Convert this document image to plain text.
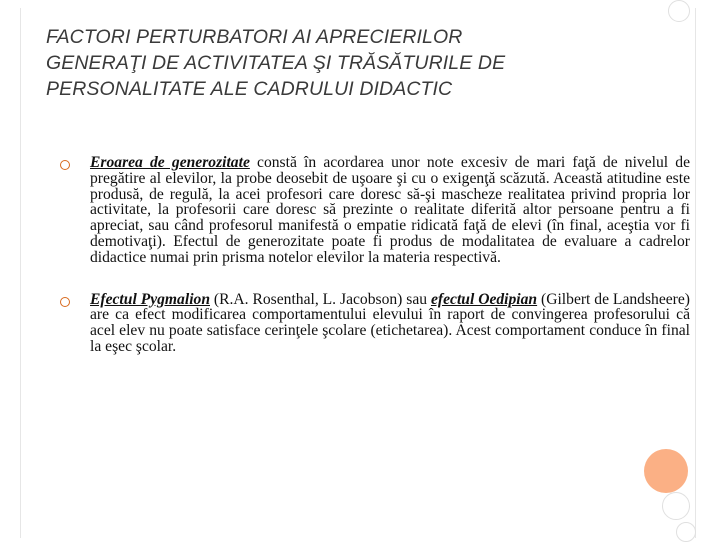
FACTORI PERTURBATORI AI APRECIERILOR
GENERAŢI DE ACTIVITATEA ŞI TRĂSĂTURILE DE
PERSONALITATE ALE CADRULUI DIDACTIC
Eroarea de generozitate constă în acordarea unor note excesiv de mari faţă de nivelul de pregătire al elevilor, la probe deosebit de uşoare şi cu o exigenţă scăzută. Această atitudine este produsă, de regulă, la acei profesori care doresc să-şi mascheze realitatea privind propria lor activitate, la profesorii care doresc să prezinte o realitate diferită altor persoane pentru a fi apreciat, sau când profesorul manifestă o empatie ridicată faţă de elevi (în final, aceştia vor fi demotivaţi). Efectul de generozitate poate fi produs de modalitatea de evaluare a cadrelor didactice numai prin prisma notelor elevilor la materia respectivă.
Efectul Pygmalion (R.A. Rosenthal, L. Jacobson) sau efectul Oedipian (Gilbert de Landsheere) are ca efect modificarea comportamentului elevului în raport de convingerea profesorului că acel elev nu poate satisface cerinţele şcolare (etichetarea). Acest comportament conduce în final la eşec şcolar.
